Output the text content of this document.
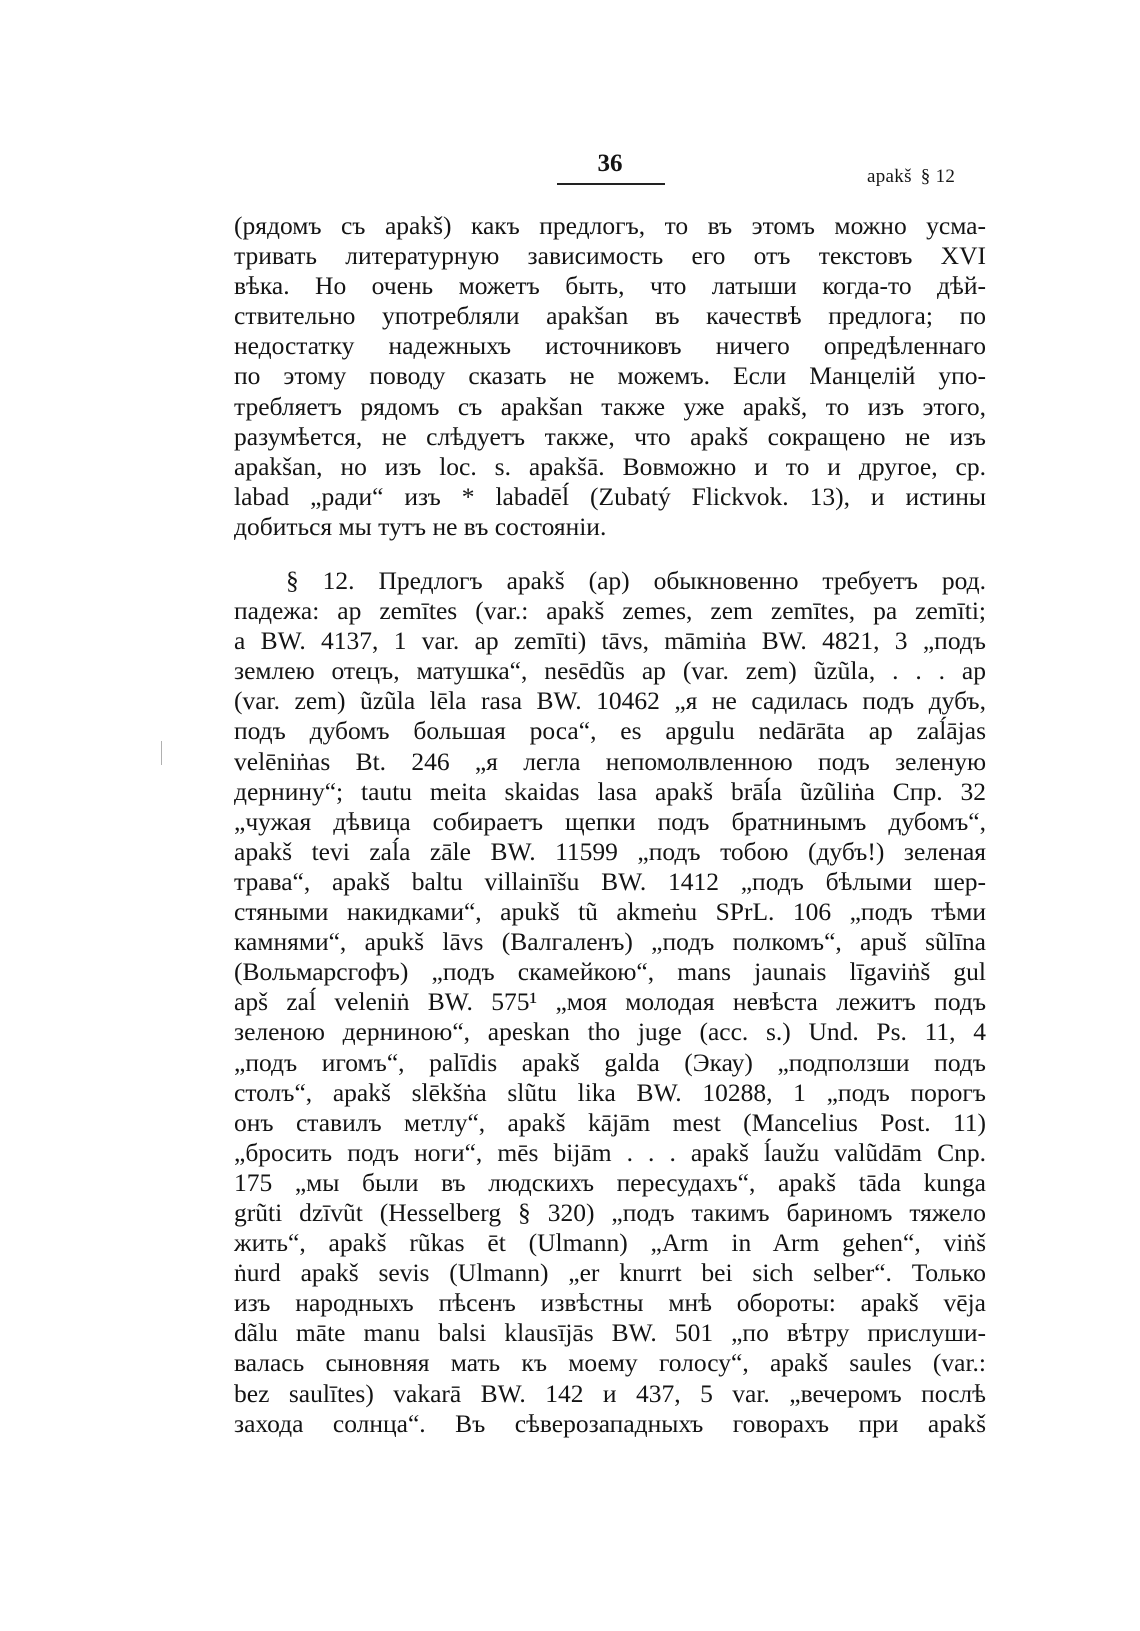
36	apakš § 12
(рядомъ съ apakš) какъ предлогъ, то въ этомъ можно усма-
тривать литературную зависимость его отъ текстовъ XVI
вѣка. Но очень можетъ быть, что латыши когда-то дѣй-
ствительно употребляли apakšan въ качествѣ предлога; по
недостатку надежныхъ источниковъ ничего опредѣленнаго
по этому поводу сказать не можемъ. Если Манцелій упо-
требляетъ рядомъ съ apakšan также уже apakš, то изъ этого,
разумѣется, не слѣдуетъ также, что apakš сокращено не изъ
apakšan, но изъ loc. s. apakšā. Вовможно и то и другое, ср.
labad „ради“ изъ * labadēĺ (Zubatý Flickvok. 13), и истины
добиться мы тутъ не въ состояніи.
§ 12. Предлогъ apakš (ap) обыкновенно требуетъ род.
падежа: ap zemītes (var.: apakš zemes, zem zemītes, pa zemīti;
a BW. 4137, 1 var. ap zemīti) tāvs, māmiṅa BW. 4821, 3 „подъ
землею отецъ, матушка“, nesēdũs ap (var. zem) ũzũla, . . . ap
(var. zem) ũzũla lēla rasa BW. 10462 „я не садилась подъ дубъ,
подъ дубомъ большая роса“, es apgulu nedārāta ap zaĺājas
velēniṅas Bt. 246 „я легла непомолвленною подъ зеленую
дернину“; tautu meita skaidas lasa apakš brāĺa ũzũliṅa Спр. 32
„чужая дѣвица собираетъ щепки подъ братнинымъ дубомъ“,
apakš tevi zaĺa zāle BW. 11599 „подъ тобою (дубъ!) зеленая
трава“, apakš baltu villainīšu BW. 1412 „подъ бѣлыми шер-
стяными накидками“, apukš tũ akmeṅu SPrL. 106 „подъ тѣми
камнями“, apukš lāvs (Валгаленъ) „подъ полкомъ“, apuš sũlīna
(Вольмарсгофъ) „подъ скамейкою“, mans jaunais līgaviṅš gul
apš zaĺ veleniṅ BW. 575¹ „моя молодая невѣста лежитъ подъ
зеленою дерниною“, apeskan tho juge (acc. s.) Und. Ps. 11, 4
„подъ игомъ“, palīdis apakš galda (Экау) „подползши подъ
столъ“, apakš slēkšṅa slũtu lika BW. 10288, 1 „подъ порогъ
онъ ставилъ метлу“, apakš kājām mest (Mancelius Post. 11)
„бросить подъ ноги“, mēs bijām . . . apakš ĺaužu valũdām Cnp.
175 „мы были въ людскихъ пересудахъ“, apakš tāda kunga
grũti dzīvũt (Hesselberg § 320) „подъ такимъ бариномъ тяжело
жить“, apakš rũkas ēt (Ulmann) „Arm in Arm gehen“, viṅš
ṅurd apakš sevis (Ulmann) „er knurrt bei sich selber“. Только
изъ народныхъ пѣсенъ извѣстны мнѣ обороты: apakš vēja
dãlu māte manu balsi klausījās BW. 501 „по вѣтру прислуши-
валась сыновняя мать къ моему голосу“, apakš saules (var.:
bez saulītes) vakarā BW. 142 и 437, 5 var. „вечеромъ послѣ
захода солнца“. Въ сѣверозападныхъ говорахъ при apakš
